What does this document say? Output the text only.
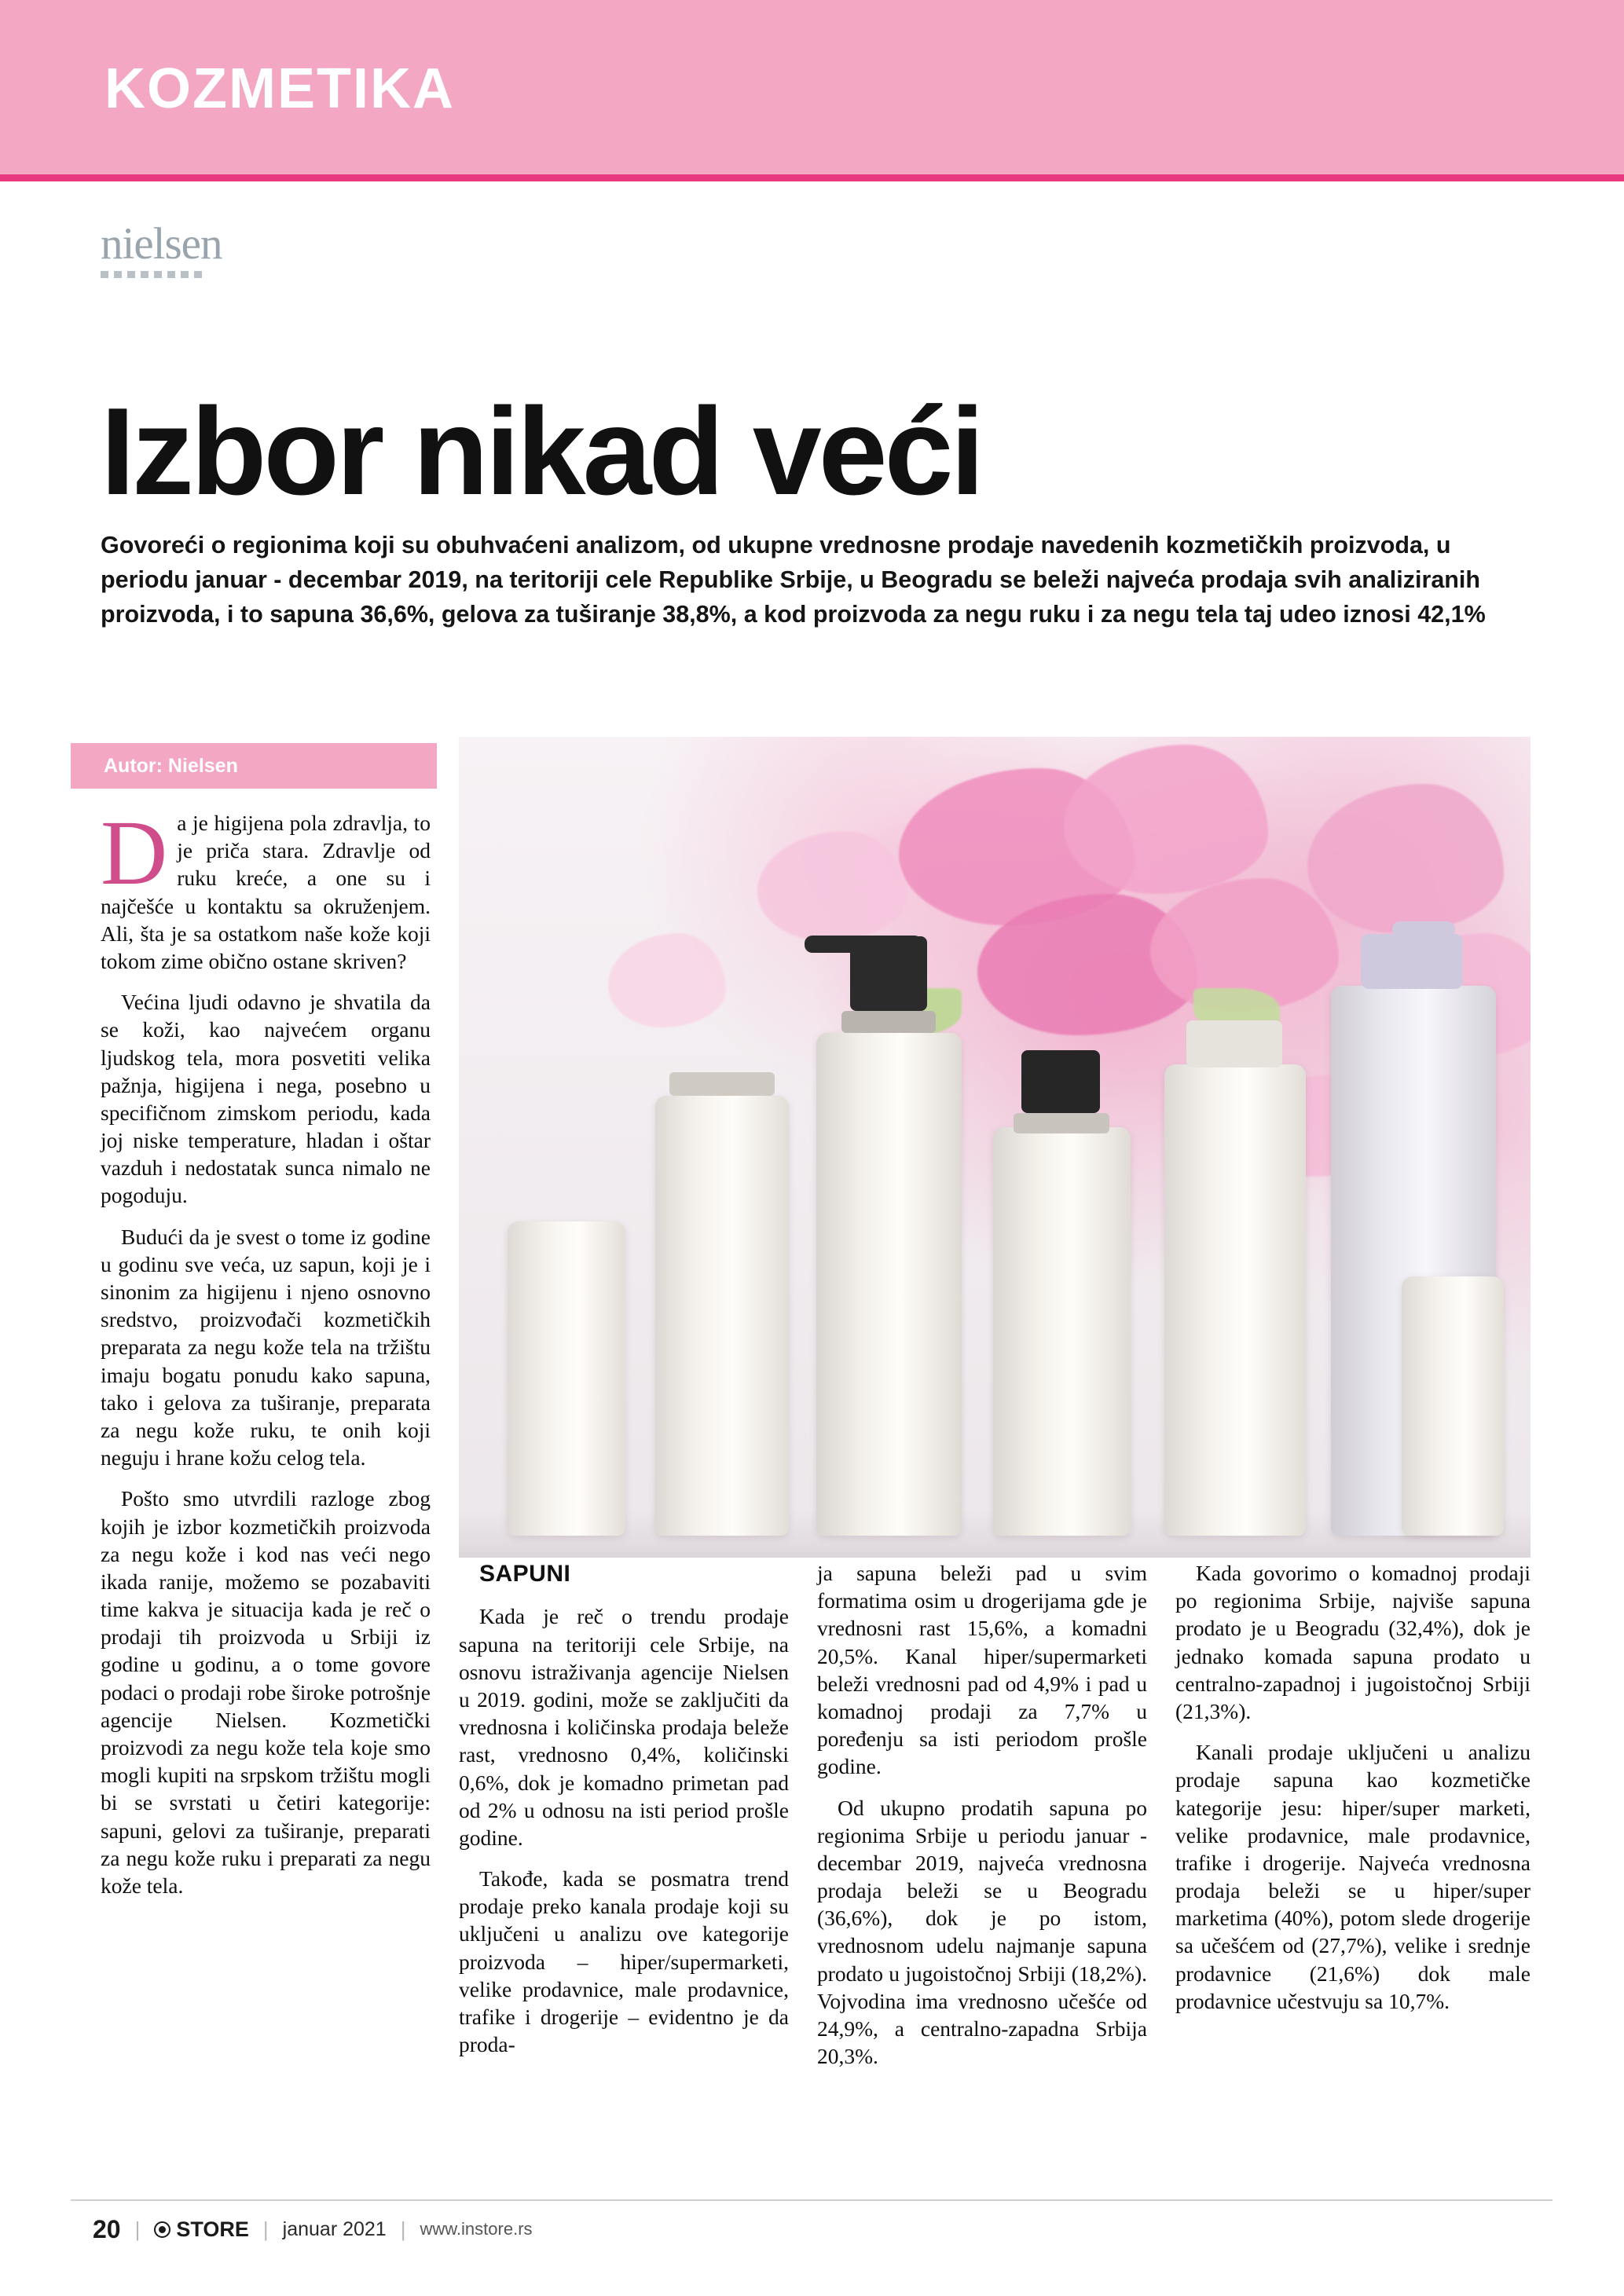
KOZMETIKA
nielsen
Izbor nikad veći
Govoreći o regionima koji su obuhvaćeni analizom, od ukupne vrednosne prodaje navedenih kozmetičkih proizvoda, u periodu januar - decembar 2019, na teritoriji cele Republike Srbije, u Beogradu se beleži najveća prodaja svih analiziranih proizvoda, i to sapuna 36,6%, gelova za tuširanje 38,8%, a kod proizvoda za negu ruku i za negu tela taj udeo iznosi 42,1%
Autor: Nielsen

Da je higijena pola zdravlja, to je priča stara. Zdravlje od ruku kreće, a one su i najčešće u kontaktu sa okruženjem. Ali, šta je sa ostatkom naše kože koji tokom zime obično ostane skriven?

Većina ljudi odavno je shvatila da se koži, kao najvećem organu ljudskog tela, mora posvetiti velika pažnja, higijena i nega, posebno u specifičnom zimskom periodu, kada joj niske temperature, hladan i oštar vazduh i nedostatak sunca nimalo ne pogoduju.

Budući da je svest o tome iz godine u godinu sve veća, uz sapun, koji je i sinonim za higijenu i njeno osnovno sredstvo, proizvođači kozmetičkih preparata za negu kože tela na tržištu imaju bogatu ponudu kako sapuna, tako i gelova za tuširanje, preparata za negu kože ruku, te onih koji neguju i hrane kožu celog tela.

Pošto smo utvrdili razloge zbog kojih je izbor kozmetičkih proizvoda za negu kože i kod nas veći nego ikada ranije, možemo se pozabaviti time kakva je situacija kada je reč o prodaji tih proizvoda u Srbiji iz godine u godinu, a o tome govore podaci o prodaji robe široke potrošnje agencije Nielsen. Kozmetički proizvodi za negu kože tela koje smo mogli kupiti na srpskom tržištu mogli bi se svrstati u četiri kategorije: sapuni, gelovi za tuširanje, preparati za negu kože ruku i preparati za negu kože tela.

SAPUNI

Kada je reč o trendu prodaje sapuna na teritoriji cele Srbije, na osnovu istraživanja agencije Nielsen u 2019. godini, može se zaključiti da vrednosna i količinska prodaja beleže rast, vrednosno 0,4%, količinski 0,6%, dok je komadno primetan pad od 2% u odnosu na isti period prošle godine.

Takođe, kada se posmatra trend prodaje preko kanala prodaje koji su uključeni u analizu ove kategorije proizvoda – hiper/supermarketi, velike prodavnice, male prodavnice, trafike i drogerije – evidentno je da proda-

ja sapuna beleži pad u svim formatima osim u drogerijama gde je vrednosni rast 15,6%, a komadni 20,5%. Kanal hiper/supermarketi beleži vrednosni pad od 4,9% i pad u komadnoj prodaji za 7,7% u poređenju sa isti periodom prošle godine.

Od ukupno prodatih sapuna po regionima Srbije u periodu januar - decembar 2019, najveća vrednosna prodaja beleži se u Beogradu (36,6%), dok je po istom, vrednosnom udelu najmanje sapuna prodato u jugoistočnoj Srbiji (18,2%). Vojvodina ima vrednosno učešće od 24,9%, a centralno-zapadna Srbija 20,3%.

Kada govorimo o komadnoj prodaji po regionima Srbije, najviše sapuna prodato je u Beogradu (32,4%), dok je jednako komada sapuna prodato u centralno-zapadnoj i jugoistočnoj Srbiji (21,3%).

Kanali prodaje uključeni u analizu prodaje sapuna kao kozmetičke kategorije jesu: hiper/super marketi, velike prodavnice, male prodavnice, trafike i drogerije. Najveća vrednosna prodaja beleži se u hiper/super marketima (40%), potom slede drogerije sa učešćem od (27,7%), velike i srednje prodavnice (21,6%) dok male prodavnice učestvuju sa 10,7%.

20 | STORE | januar 2021 | www.instore.rs
